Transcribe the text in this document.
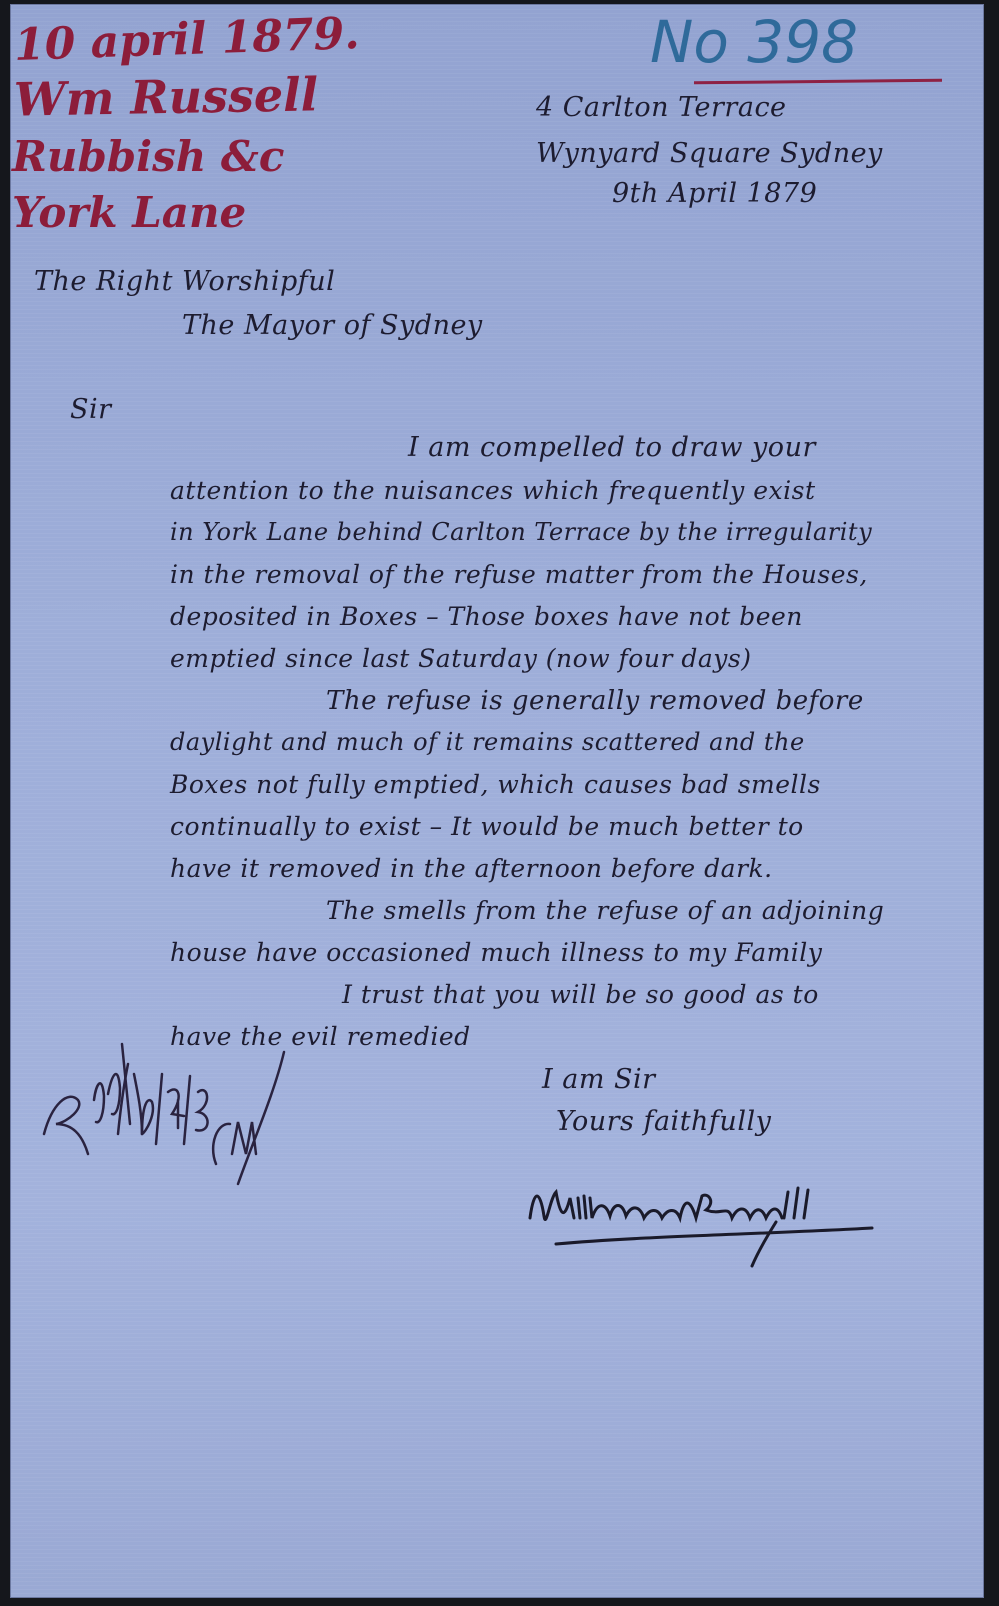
10 april 1879.
Wm Russell
Rubbish &c
York Lane
No 398
4 Carlton Terrace
Wynyard Square Sydney
9th April 1879
The Right Worshipful
The Mayor of Sydney
Sir
I am compelled to draw your
attention to the nuisances which frequently exist
in York Lane behind Carlton Terrace by the irregularity
in the removal of the refuse matter from the Houses,
deposited in Boxes – Those boxes have not been
emptied since last Saturday (now four days)
The refuse is generally removed before
daylight and much of it remains scattered and the
Boxes not fully emptied, which causes bad smells
continually to exist – It would be much better to
have it removed in the afternoon before dark.
The smells from the refuse of an adjoining
house have occasioned much illness to my Family
I trust that you will be so good as to
have the evil remedied
I am Sir
Yours faithfully
